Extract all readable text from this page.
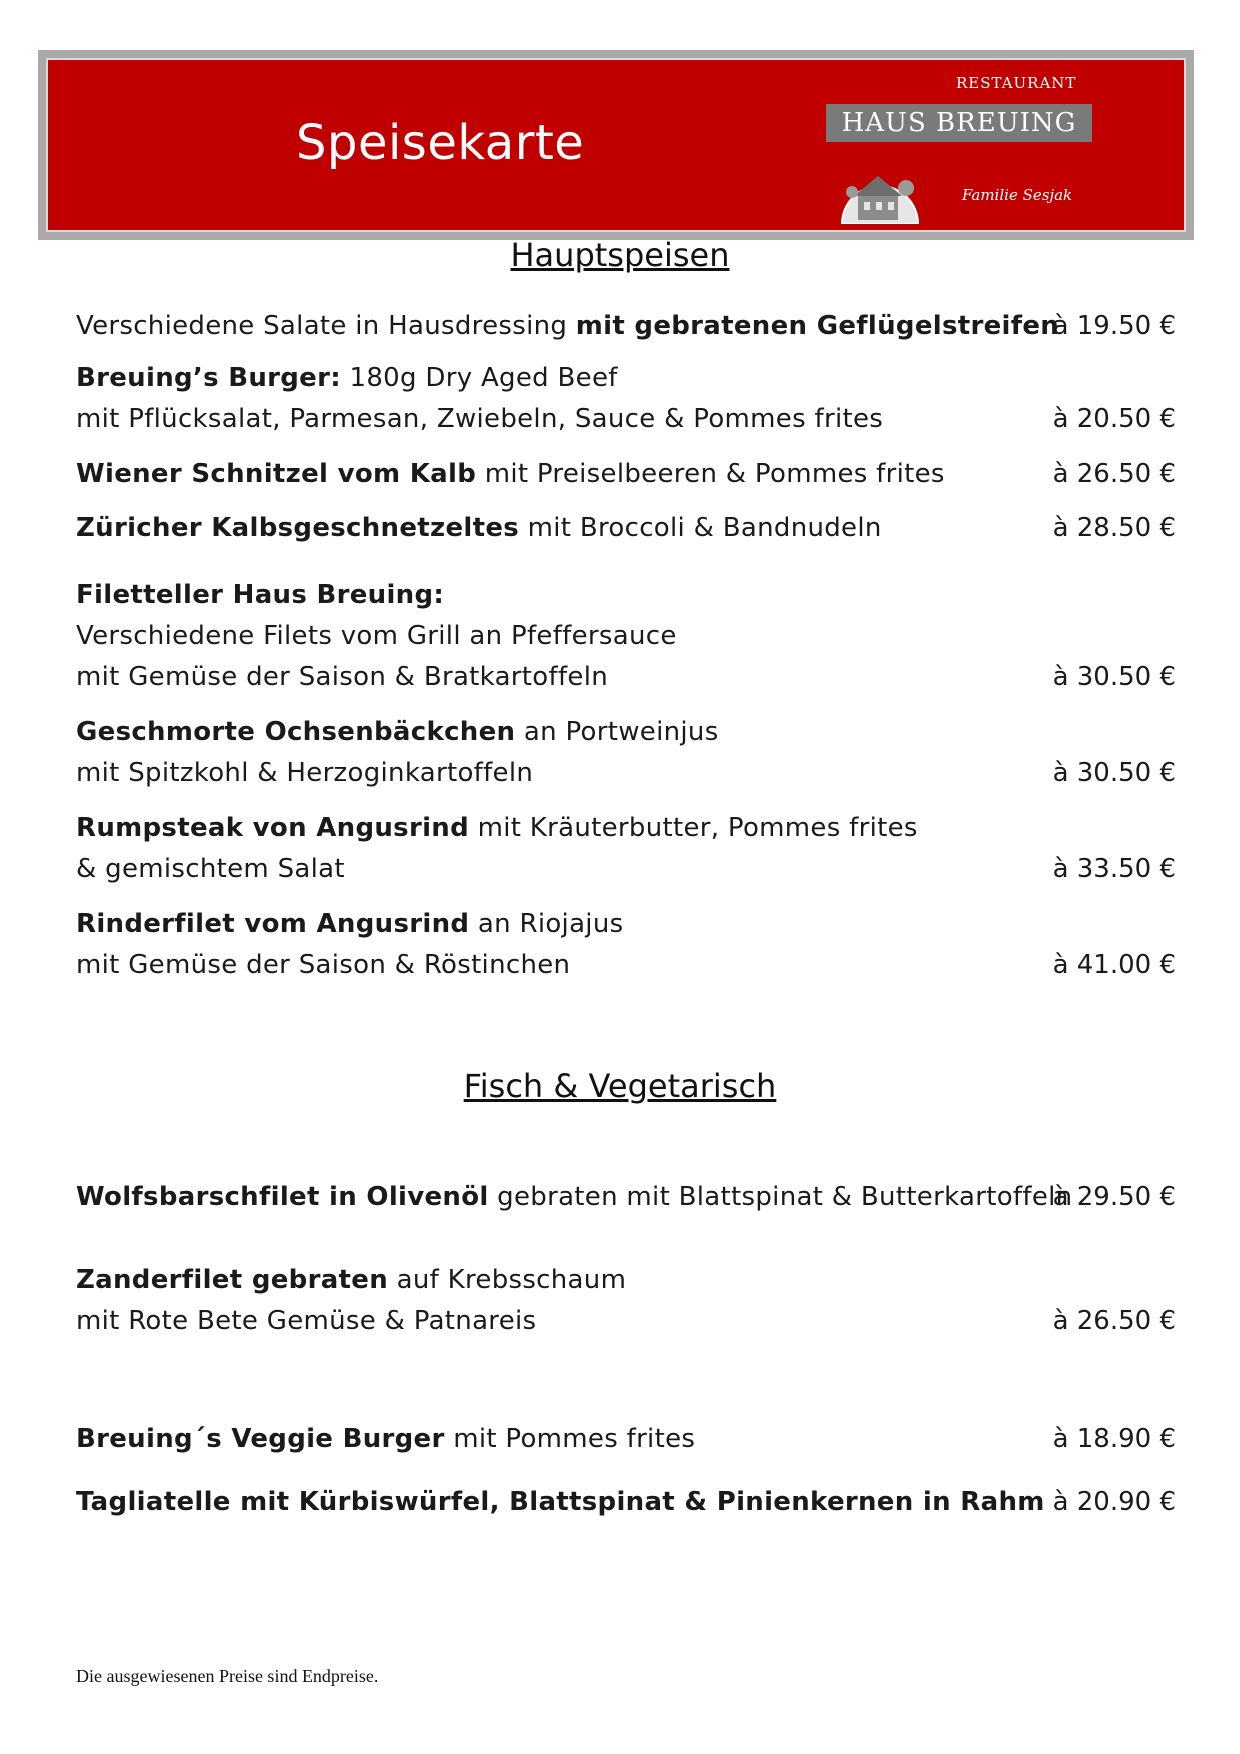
Speisekarte
RESTAURANT
HAUS BREUING
Familie Sesjak
Hauptspeisen
Verschiedene Salate in Hausdressing mit gebratenen Geflügelstreifen
à 19.50 €
Breuing’s Burger: 180g Dry Aged Beef
mit Pflücksalat, Parmesan, Zwiebeln, Sauce & Pommes frites	à 20.50 €
Wiener Schnitzel vom Kalb mit Preiselbeeren & Pommes frites	à 26.50 €
Züricher Kalbsgeschnetzeltes mit Broccoli & Bandnudeln	à 28.50 €
Filetteller Haus Breuing:
Verschiedene Filets vom Grill an Pfeffersauce
mit Gemüse der Saison & Bratkartoffeln	à 30.50 €
Geschmorte Ochsenbäckchen an Portweinjus
mit Spitzkohl & Herzoginkartoffeln	à 30.50 €
Rumpsteak von Angusrind mit Kräuterbutter, Pommes frites
& gemischtem Salat	à 33.50 €
Rinderfilet vom Angusrind an Riojajus
mit Gemüse der Saison & Röstinchen	à 41.00 €
Fisch & Vegetarisch
Wolfsbarschfilet in Olivenöl gebraten mit Blattspinat & Butterkartoffeln
à 29.50 €
Zanderfilet gebraten auf Krebsschaum
mit Rote Bete Gemüse & Patnareis	à 26.50 €
Breuing´s Veggie Burger mit Pommes frites	à 18.90 €
Tagliatelle mit Kürbiswürfel, Blattspinat & Pinienkernen in Rahm à 20.90 €
Die ausgewiesenen Preise sind Endpreise.
